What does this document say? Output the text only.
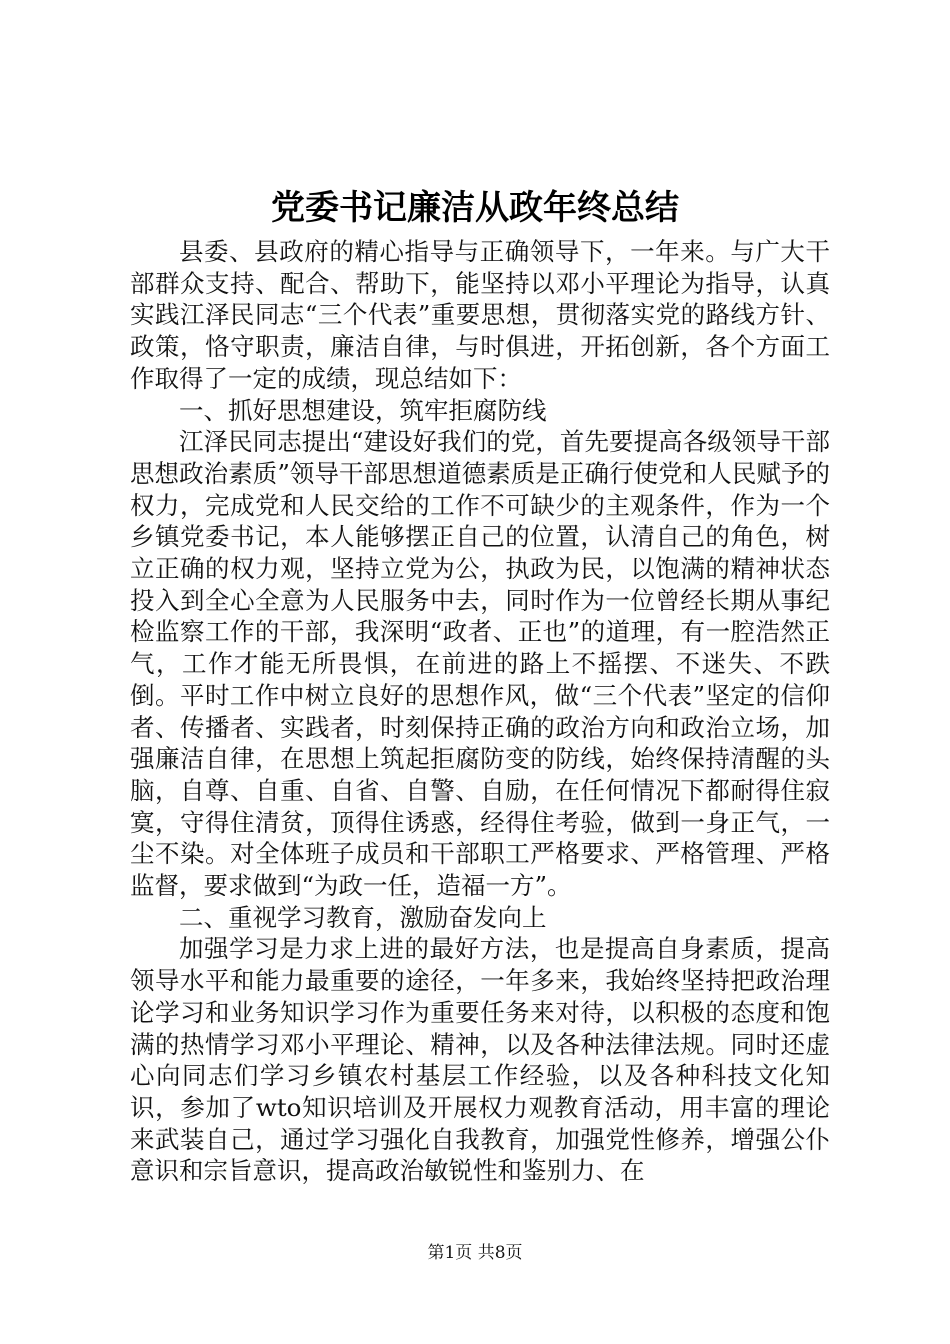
党委书记廉洁从政年终总结

县委、县政府的精心指导与正确领导下，一年来。与广大干部群众支持、配合、帮助下，能坚持以邓小平理论为指导，认真实践江泽民同志“三个代表”重要思想，贯彻落实党的路线方针、政策，恪守职责，廉洁自律，与时俱进，开拓创新，各个方面工作取得了一定的成绩，现总结如下：

一、抓好思想建设，筑牢拒腐防线

江泽民同志提出“建设好我们的党，首先要提高各级领导干部思想政治素质”领导干部思想道德素质是正确行使党和人民赋予的权力，完成党和人民交给的工作不可缺少的主观条件，作为一个乡镇党委书记，本人能够摆正自己的位置，认清自己的角色，树立正确的权力观，坚持立党为公，执政为民，以饱满的精神状态投入到全心全意为人民服务中去，同时作为一位曾经长期从事纪检监察工作的干部，我深明“政者、正也”的道理，有一腔浩然正气，工作才能无所畏惧，在前进的路上不摇摆、不迷失、不跌倒。平时工作中树立良好的思想作风，做“三个代表”坚定的信仰者、传播者、实践者，时刻保持正确的政治方向和政治立场，加强廉洁自律，在思想上筑起拒腐防变的防线，始终保持清醒的头脑，自尊、自重、自省、自警、自励，在任何情况下都耐得住寂寞，守得住清贫，顶得住诱惑，经得住考验，做到一身正气，一尘不染。对全体班子成员和干部职工严格要求、严格管理、严格监督，要求做到“为政一任，造福一方”。

二、重视学习教育，激励奋发向上

加强学习是力求上进的最好方法，也是提高自身素质，提高领导水平和能力最重要的途径，一年多来，我始终坚持把政治理论学习和业务知识学习作为重要任务来对待，以积极的态度和饱满的热情学习邓小平理论、精神，以及各种法律法规。同时还虚心向同志们学习乡镇农村基层工作经验，以及各种科技文化知识，参加了wto知识培训及开展权力观教育活动，用丰富的理论来武装自己，通过学习强化自我教育，加强党性修养，增强公仆意识和宗旨意识，提高政治敏锐性和鉴别力、在

第1页 共8页
